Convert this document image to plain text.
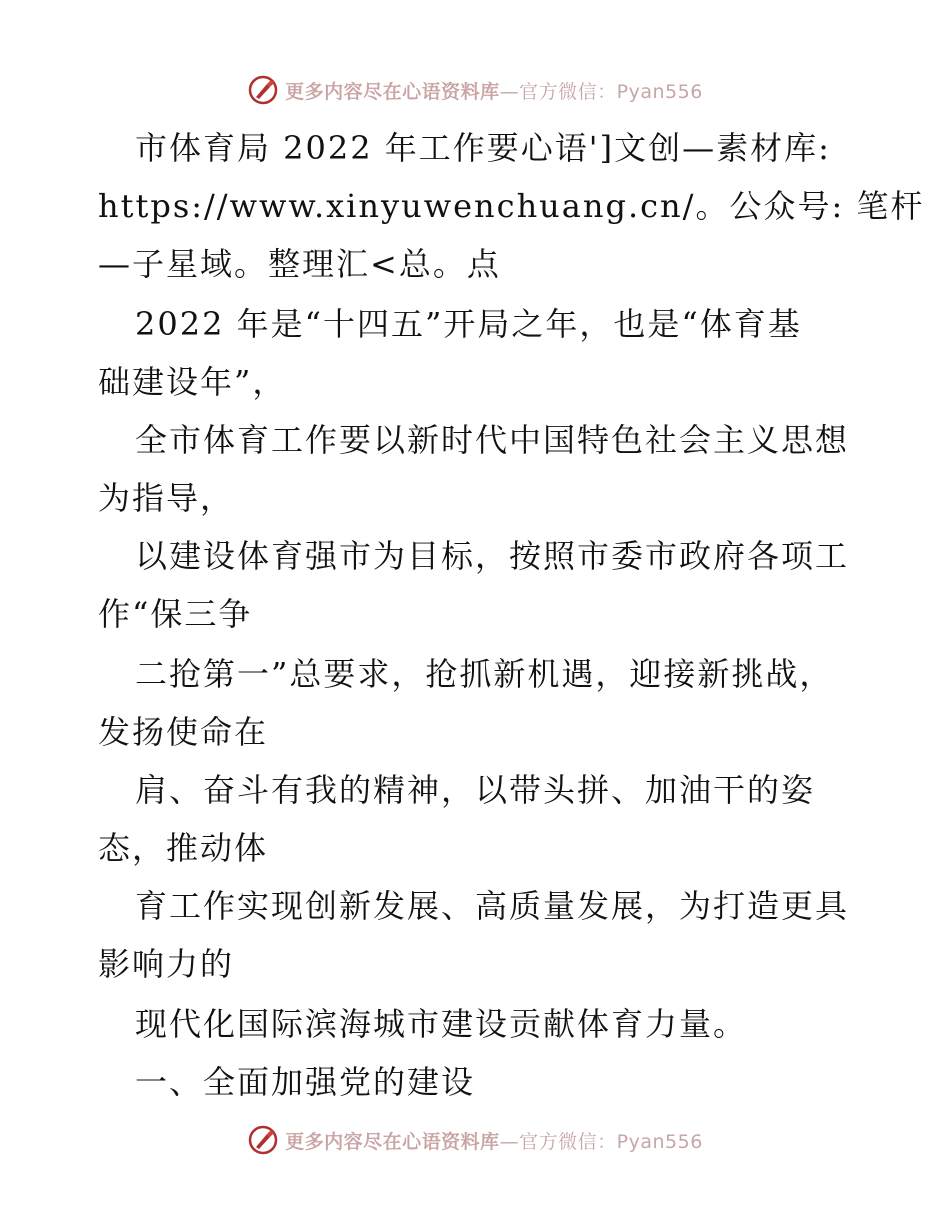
更多内容尽在心语资料库—官方微信：Pyan556
市体育局 2022 年工作要心语']文创—素材库:
https://www.xinyuwenchuang.cn/。公众号: 笔杆
—子星域。整理汇<总。点
2022 年是“十四五”开局之年，也是“体育基
础建设年”，
全市体育工作要以新时代中国特色社会主义思想
为指导，
以建设体育强市为目标，按照市委市政府各项工
作“保三争
二抢第一”总要求，抢抓新机遇，迎接新挑战，
发扬使命在
肩、奋斗有我的精神，以带头拼、加油干的姿
态，推动体
育工作实现创新发展、高质量发展，为打造更具
影响力的
现代化国际滨海城市建设贡献体育力量。
一、全面加强党的建设
更多内容尽在心语资料库—官方微信：Pyan556
